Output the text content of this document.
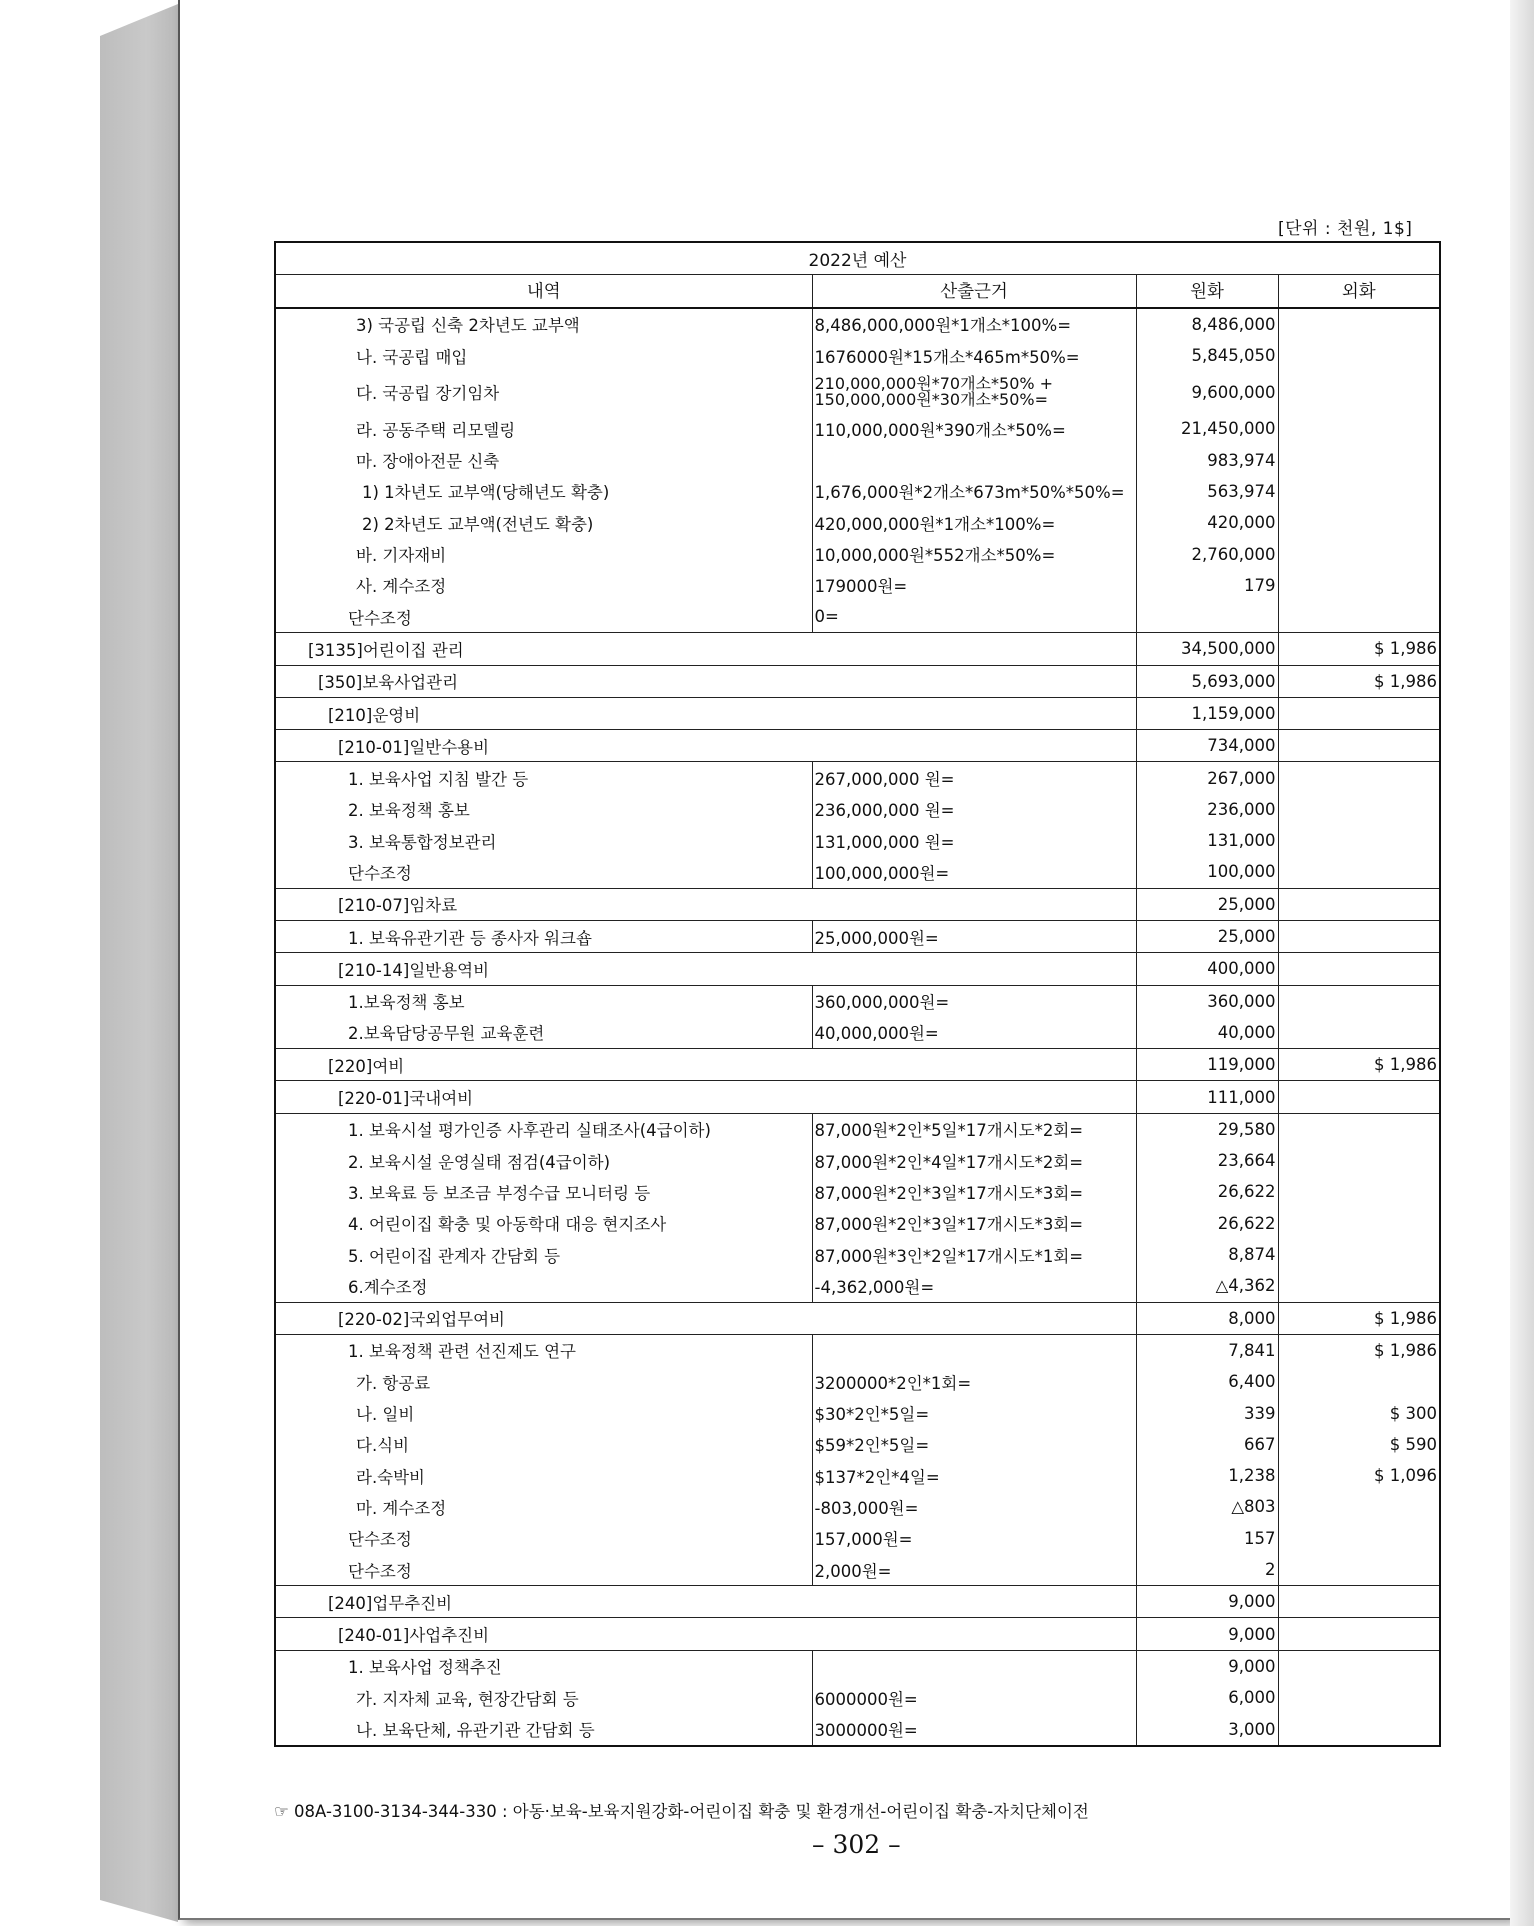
[단위 : 천원, 1$]
2022년 예산			
내역	산출근거	원화	외화
3) 국공립 신축 2차년도 교부액	8,486,000,000원*1개소*100%=	8,486,000	
나. 국공립 매입	1676000원*15개소*465m*50%=	5,845,050	
다. 국공립 장기임차	210,000,000원*70개소*50% + 150,000,000원*30개소*50%=	9,600,000	
라. 공동주택 리모델링	110,000,000원*390개소*50%=	21,450,000	
마. 장애아전문 신축		983,974	
1) 1차년도 교부액(당해년도 확충)	1,676,000원*2개소*673m*50%*50%=	563,974	
2) 2차년도 교부액(전년도 확충)	420,000,000원*1개소*100%=	420,000	
바. 기자재비	10,000,000원*552개소*50%=	2,760,000	
사. 계수조정	179000원=	179	
단수조정	0=		
[3135]어린이집 관리		34,500,000	$ 1,986
[350]보육사업관리		5,693,000	$ 1,986
[210]운영비		1,159,000	
[210-01]일반수용비		734,000	
1. 보육사업 지침 발간 등	267,000,000 원=	267,000	
2. 보육정책 홍보	236,000,000 원=	236,000	
3. 보육통합정보관리	131,000,000 원=	131,000	
단수조정	100,000,000원=	100,000	
[210-07]임차료		25,000	
1. 보육유관기관 등 종사자 워크숍	25,000,000원=	25,000	
[210-14]일반용역비		400,000	
1.보육정책 홍보	360,000,000원=	360,000	
2.보육담당공무원 교육훈련	40,000,000원=	40,000	
[220]여비		119,000	$ 1,986
[220-01]국내여비		111,000	
1. 보육시설 평가인증 사후관리 실태조사(4급이하)	87,000원*2인*5일*17개시도*2회=	29,580	
2. 보육시설 운영실태 점검(4급이하)	87,000원*2인*4일*17개시도*2회=	23,664	
3. 보육료 등 보조금 부정수급 모니터링 등	87,000원*2인*3일*17개시도*3회=	26,622	
4. 어린이집 확충 및 아동학대 대응 현지조사	87,000원*2인*3일*17개시도*3회=	26,622	
5. 어린이집 관계자 간담회 등	87,000원*3인*2일*17개시도*1회=	8,874	
6.계수조정	-4,362,000원=	△4,362	
[220-02]국외업무여비		8,000	$ 1,986
1. 보육정책 관련 선진제도 연구		7,841	$ 1,986
가. 항공료	3200000*2인*1회=	6,400	
나. 일비	$30*2인*5일=	339	$ 300
다.식비	$59*2인*5일=	667	$ 590
라.숙박비	$137*2인*4일=	1,238	$ 1,096
마. 계수조정	-803,000원=	△803	
단수조정	157,000원=	157	
단수조정	2,000원=	2	
[240]업무추진비		9,000	
[240-01]사업추진비		9,000	
1. 보육사업 정책추진		9,000	
가. 지자체 교육, 현장간담회 등	6000000원=	6,000	
나. 보육단체, 유관기관 간담회 등	3000000원=	3,000	
☞ 08A-3100-3134-344-330 : 아동·보육-보육지원강화-어린이집 확충 및 환경개선-어린이집 확충-자치단체이전
– 302 –
